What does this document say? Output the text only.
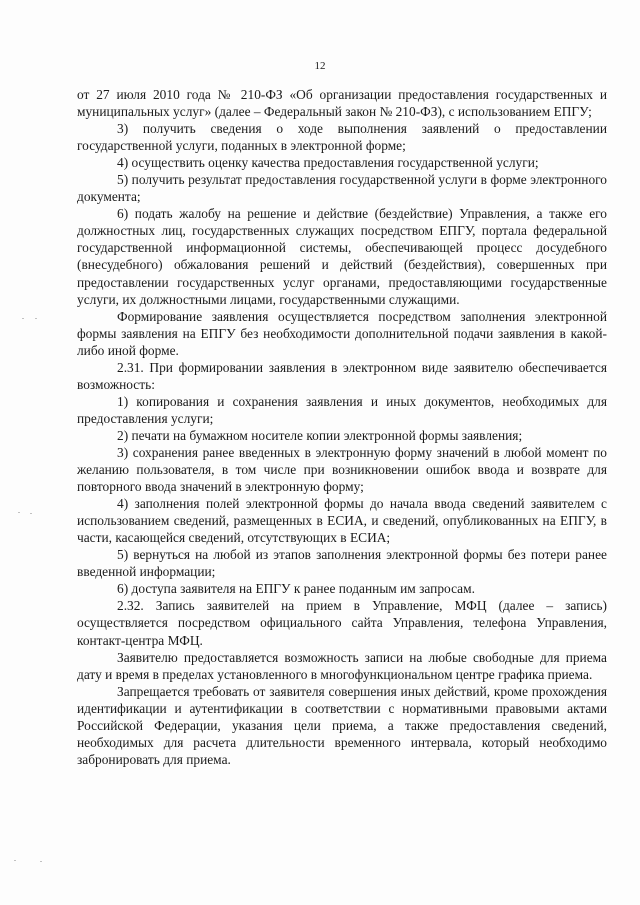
12

от 27 июля 2010 года № 210-ФЗ «Об организации предоставления государственных и муниципальных услуг» (далее – Федеральный закон № 210-ФЗ), с использованием ЕПГУ;

3) получить сведения о ходе выполнения заявлений о предоставлении государственной услуги, поданных в электронной форме;

4) осуществить оценку качества предоставления государственной услуги;

5) получить результат предоставления государственной услуги в форме электронного документа;

6) подать жалобу на решение и действие (бездействие) Управления, а также его должностных лиц, государственных служащих посредством ЕПГУ, портала федеральной государственной информационной системы, обеспечивающей процесс досудебного (внесудебного) обжалования решений и действий (бездействия), совершенных при предоставлении государственных услуг органами, предоставляющими государственные услуги, их должностными лицами, государственными служащими.

Формирование заявления осуществляется посредством заполнения электронной формы заявления на ЕПГУ без необходимости дополнительной подачи заявления в какой-либо иной форме.

2.31. При формировании заявления в электронном виде заявителю обеспечивается возможность:

1) копирования и сохранения заявления и иных документов, необходимых для предоставления услуги;

2) печати на бумажном носителе копии электронной формы заявления;

3) сохранения ранее введенных в электронную форму значений в любой момент по желанию пользователя, в том числе при возникновении ошибок ввода и возврате для повторного ввода значений в электронную форму;

4) заполнения полей электронной формы до начала ввода сведений заявителем с использованием сведений, размещенных в ЕСИА, и сведений, опубликованных на ЕПГУ, в части, касающейся сведений, отсутствующих в ЕСИА;

5) вернуться на любой из этапов заполнения электронной формы без потери ранее введенной информации;

6) доступа заявителя на ЕПГУ к ранее поданным им запросам.

2.32. Запись заявителей на прием в Управление, МФЦ (далее – запись) осуществляется посредством официального сайта Управления, телефона Управления, контакт-центра МФЦ.

Заявителю предоставляется возможность записи на любые свободные для приема дату и время в пределах установленного в многофункциональном центре графика приема.

Запрещается требовать от заявителя совершения иных действий, кроме прохождения идентификации и аутентификации в соответствии с нормативными правовыми актами Российской Федерации, указания цели приема, а также предоставления сведений, необходимых для расчета длительности временного интервала, который необходимо забронировать для приема.
